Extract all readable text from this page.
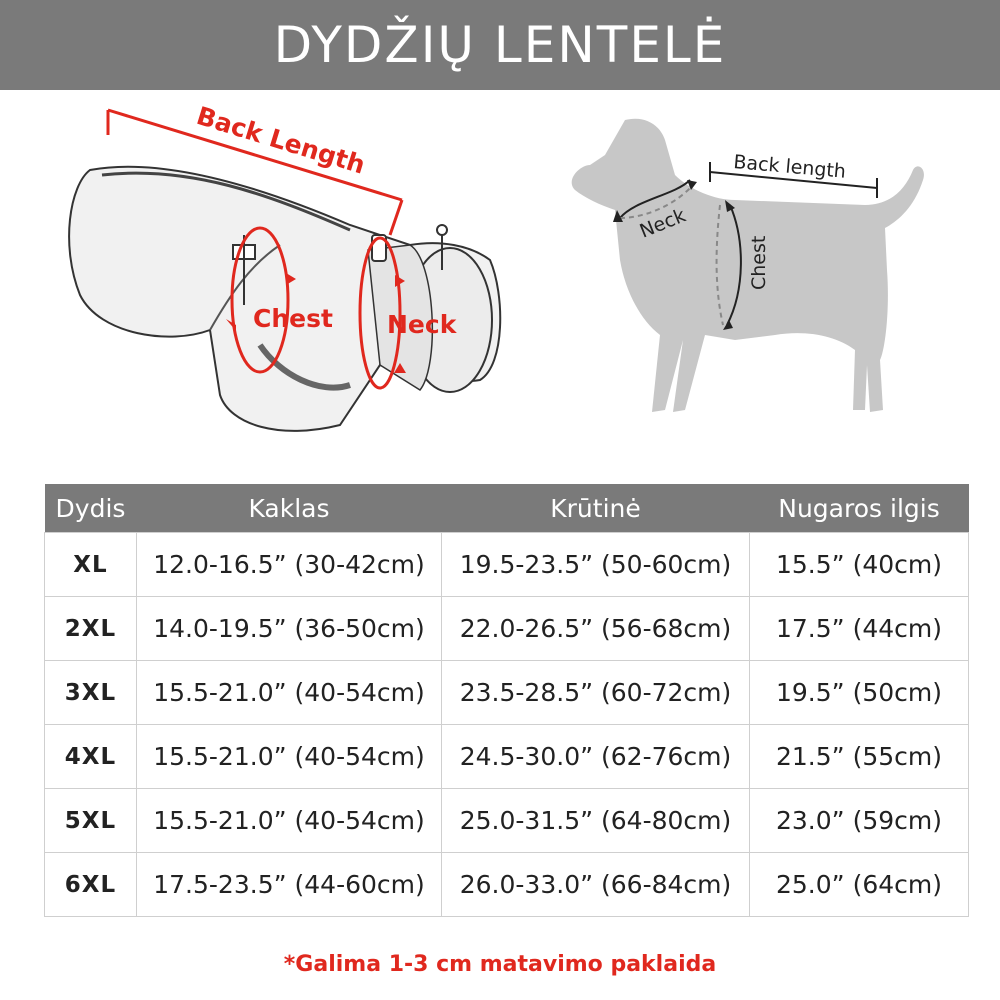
DYDŽIŲ LENTELĖ
Back Length
Chest Neck
Back length
Neck
Chest
Dydis	Kaklas	Krūtinė	Nugaros ilgis
XL	12.0-16.5” (30-42cm)	19.5-23.5” (50-60cm)	15.5” (40cm)
2XL	14.0-19.5” (36-50cm)	22.0-26.5” (56-68cm)	17.5” (44cm)
3XL	15.5-21.0” (40-54cm)	23.5-28.5” (60-72cm)	19.5” (50cm)
4XL	15.5-21.0” (40-54cm)	24.5-30.0” (62-76cm)	21.5” (55cm)
5XL	15.5-21.0” (40-54cm)	25.0-31.5” (64-80cm)	23.0” (59cm)
6XL	17.5-23.5” (44-60cm)	26.0-33.0” (66-84cm)	25.0” (64cm)
*Galima 1-3 cm matavimo paklaida
